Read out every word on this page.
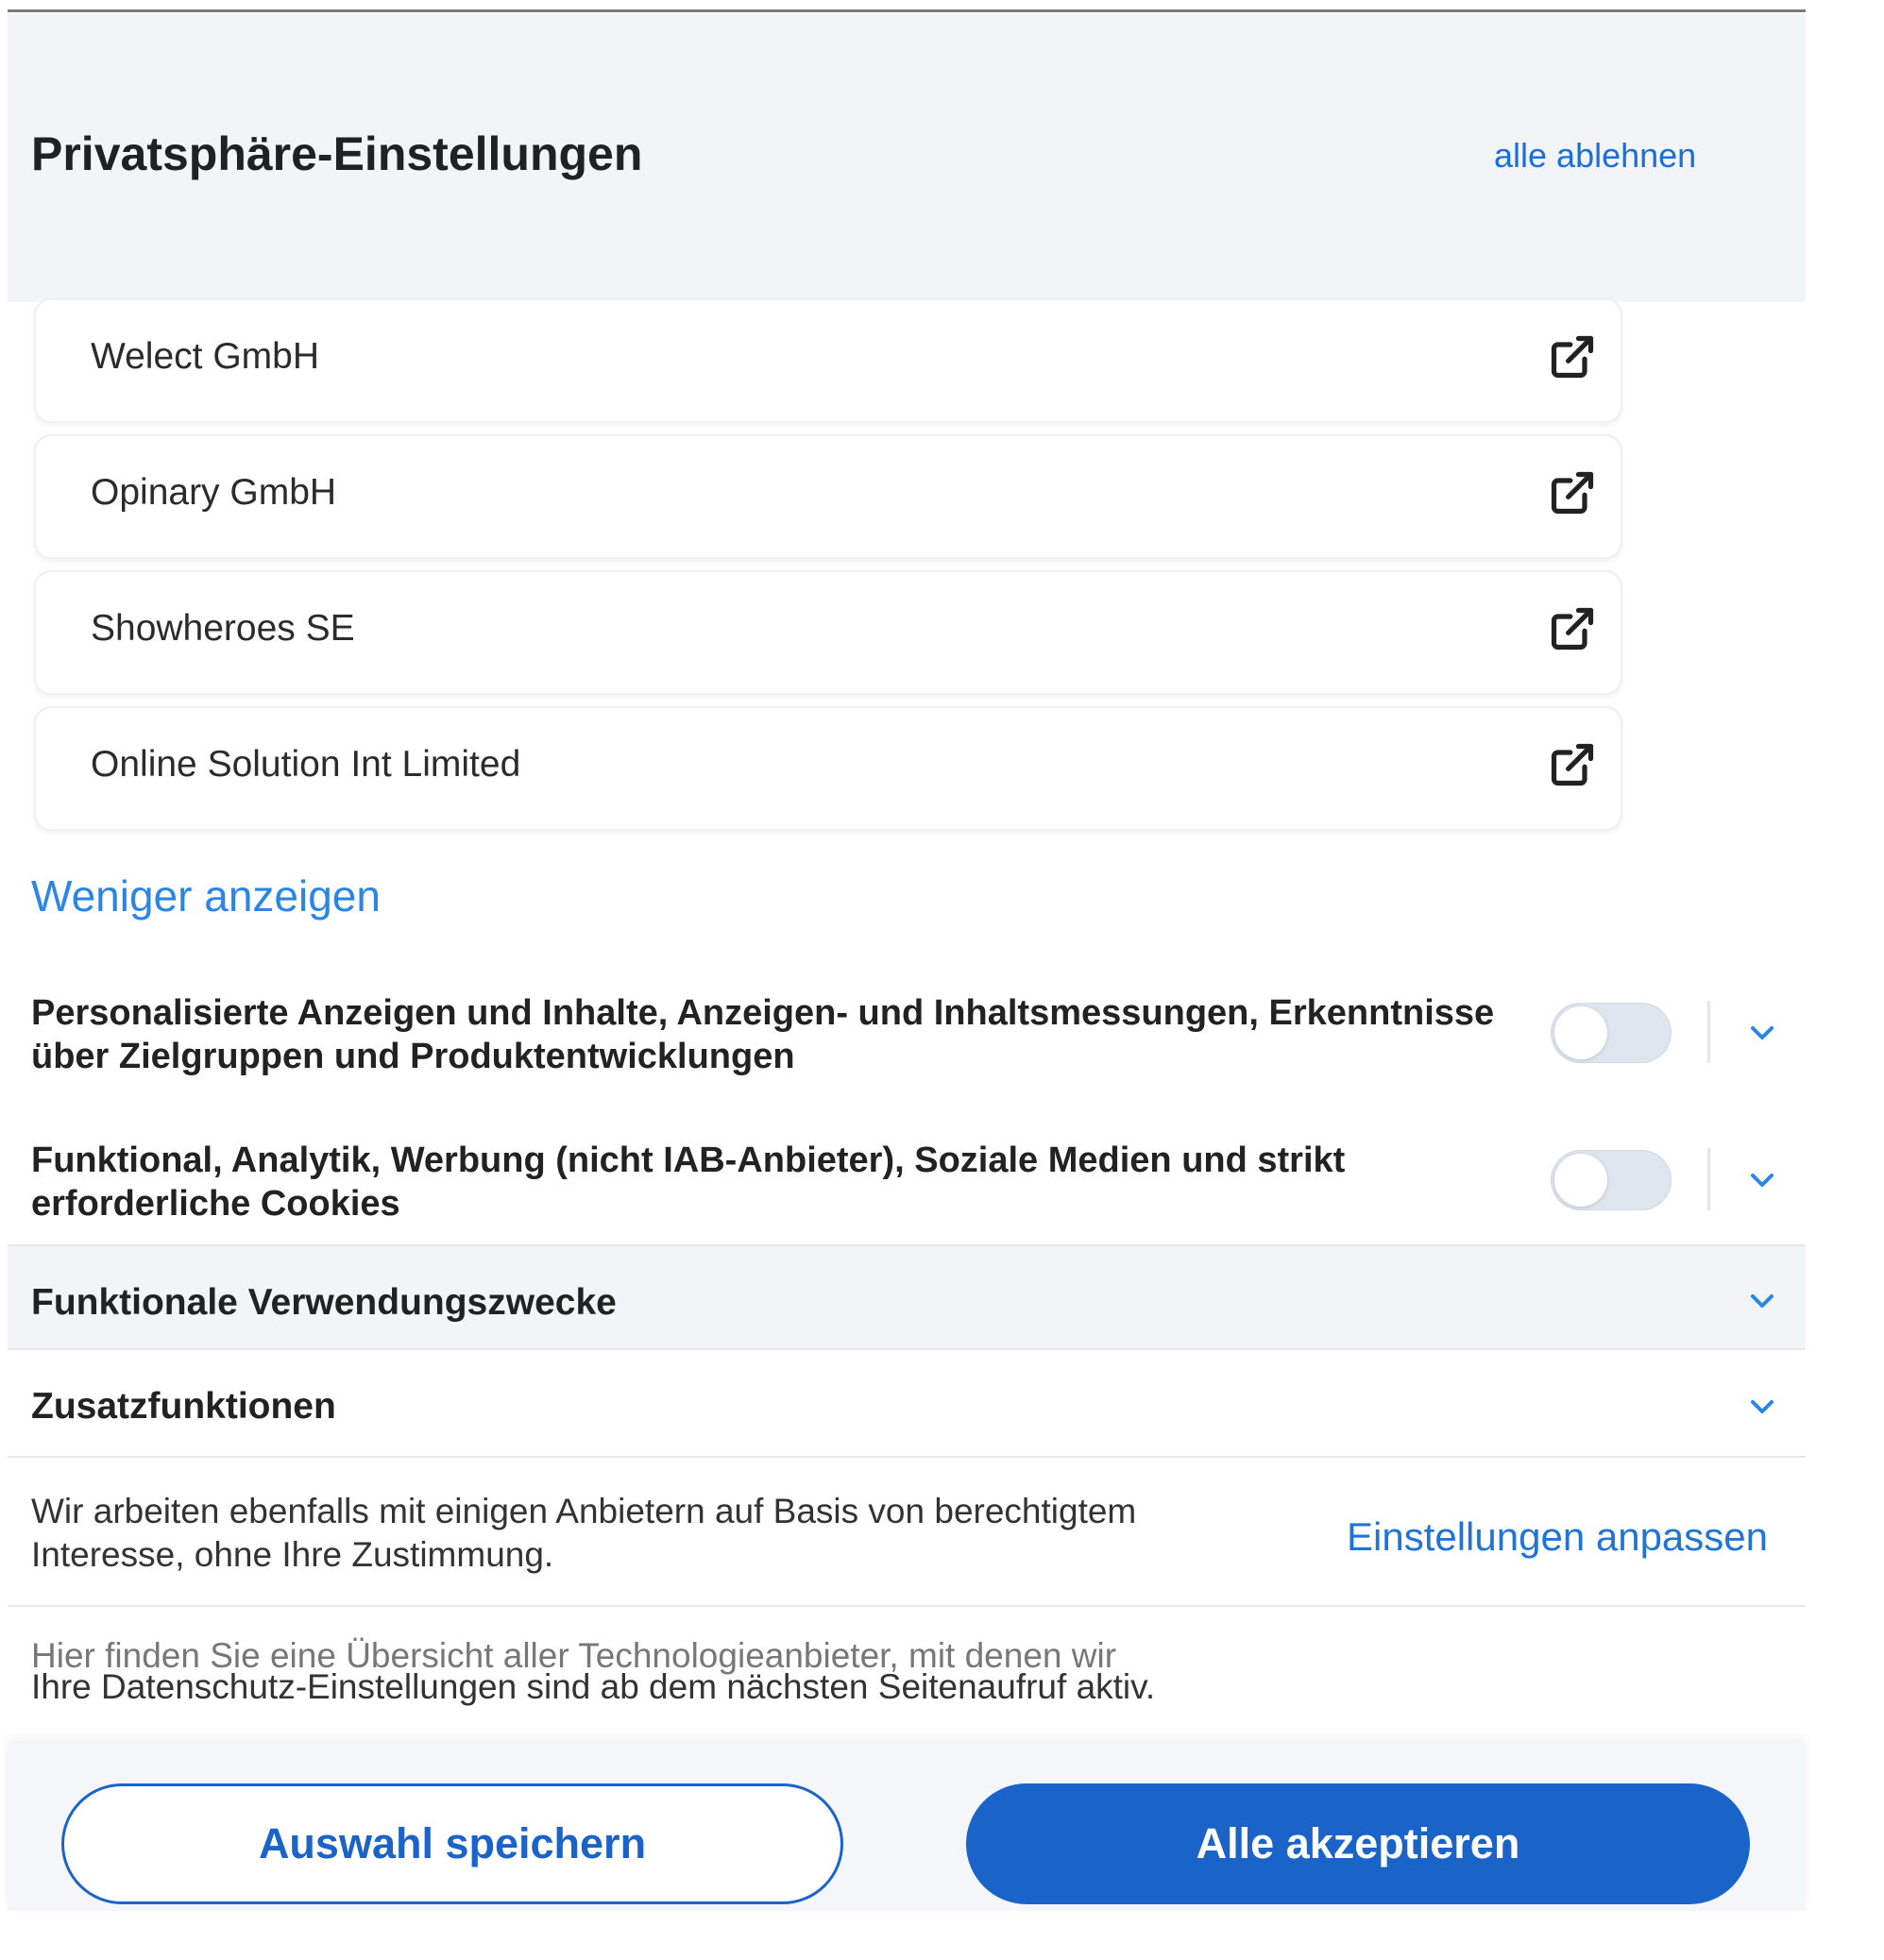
Privatsphäre-Einstellungen	alle ablehnen
Welect GmbH
Opinary GmbH
Showheroes SE
Online Solution Int Limited
Weniger anzeigen
Personalisierte Anzeigen und Inhalte, Anzeigen- und Inhaltsmessungen, Erkenntnisse über Zielgruppen und Produktentwicklungen
Funktional, Analytik, Werbung (nicht IAB-Anbieter), Soziale Medien und strikt erforderliche Cookies
Funktionale Verwendungszwecke
Zusatzfunktionen
Wir arbeiten ebenfalls mit einigen Anbietern auf Basis von berechtigtem Interesse, ohne Ihre Zustimmung.	Einstellungen anpassen
Hier finden Sie eine Übersicht aller Technologieanbieter, mit denen wir
Ihre Datenschutz-Einstellungen sind ab dem nächsten Seitenaufruf aktiv.
Auswahl speichern	Alle akzeptieren
